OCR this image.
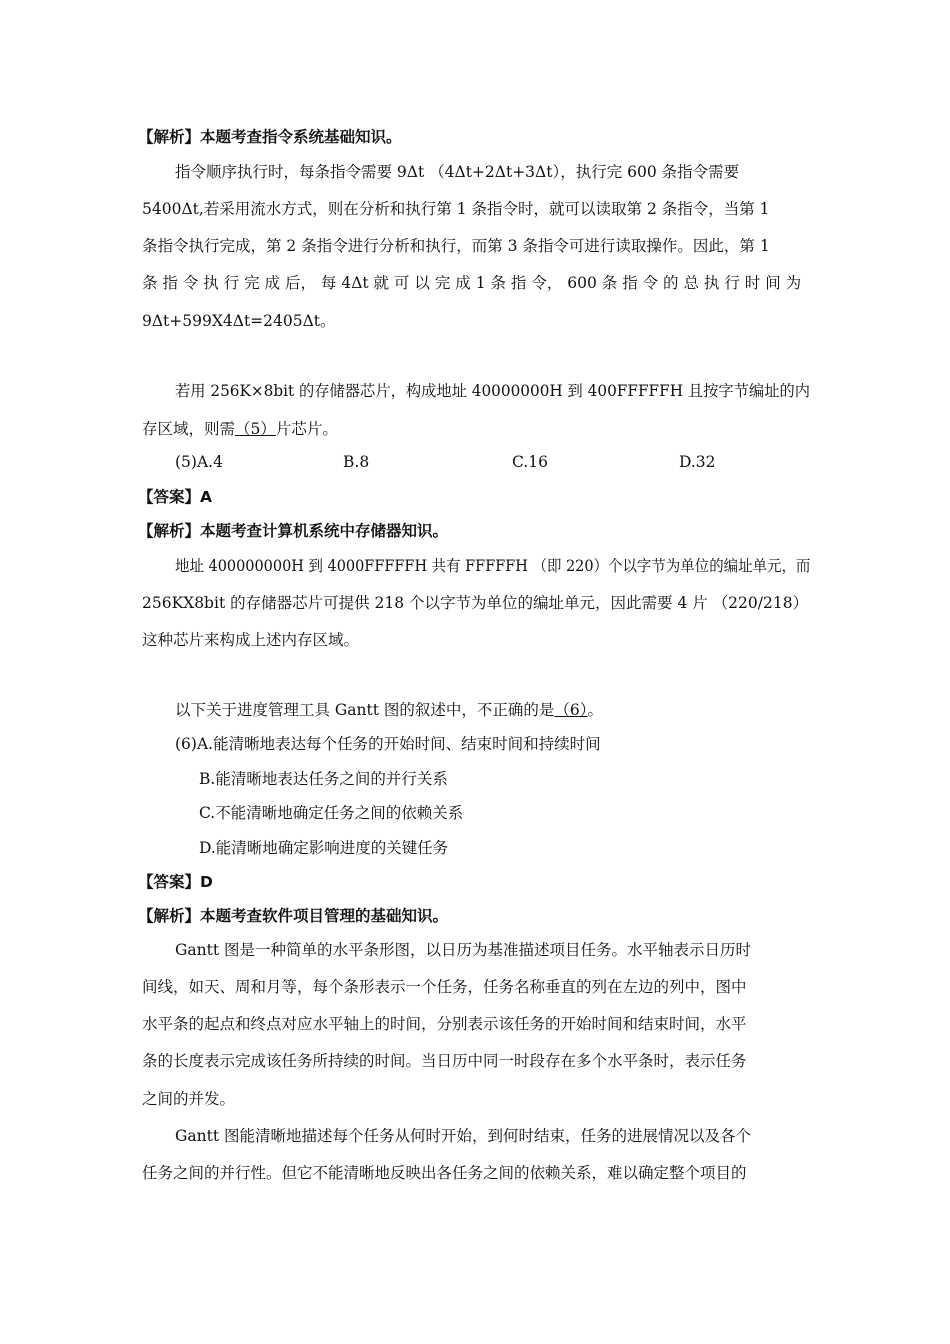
【解析】本题考查指令系统基础知识。
指令顺序执行时，每条指令需要 9Δt （4Δt+2Δt+3Δt），执行完 600 条指令需要
5400Δt,若采用流水方式，则在分析和执行第 1 条指令时，就可以读取第 2 条指令，当第 1
条指令执行完成，第 2 条指令进行分析和执行，而第 3 条指令可进行读取操作。因此，第 1
条 指 令 执 行 完 成 后， 每 4Δt 就 可 以 完 成 1 条 指 令， 600 条 指 令 的 总 执 行 时 间 为
9Δt+599X4Δt=2405Δt。
若用 256K×8bit 的存储器芯片，构成地址 40000000H 到 400FFFFFH 且按字节编址的内
存区域，则需（5）片芯片。
(5)A.4	B.8	C.16	D.32
【答案】A
【解析】本题考查计算机系统中存储器知识。
地址 400000000H 到 4000FFFFFH 共有 FFFFFH （即 220）个以字节为单位的编址单元，而
256KX8bit 的存储器芯片可提供 218 个以字节为单位的编址单元，因此需要 4 片 （220/218）
这种芯片来构成上述内存区域。
以下关于进度管理工具 Gantt 图的叙述中，不正确的是（6）。
(6)A.能清晰地表达每个任务的开始时间、结束时间和持续时间
B.能清晰地表达任务之间的并行关系
C.不能清晰地确定任务之间的依赖关系
D.能清晰地确定影响进度的关键任务
【答案】D
【解析】本题考查软件项目管理的基础知识。
Gantt 图是一种简单的水平条形图，以日历为基准描述项目任务。水平轴表示日历时
间线，如天、周和月等，每个条形表示一个任务，任务名称垂直的列在左边的列中，图中
水平条的起点和终点对应水平轴上的时间，分别表示该任务的开始时间和结束时间，水平
条的长度表示完成该任务所持续的时间。当日历中同一时段存在多个水平条时，表示任务
之间的并发。
Gantt 图能清晰地描述每个任务从何时开始，到何时结束，任务的进展情况以及各个
任务之间的并行性。但它不能清晰地反映出各任务之间的依赖关系，难以确定整个项目的
